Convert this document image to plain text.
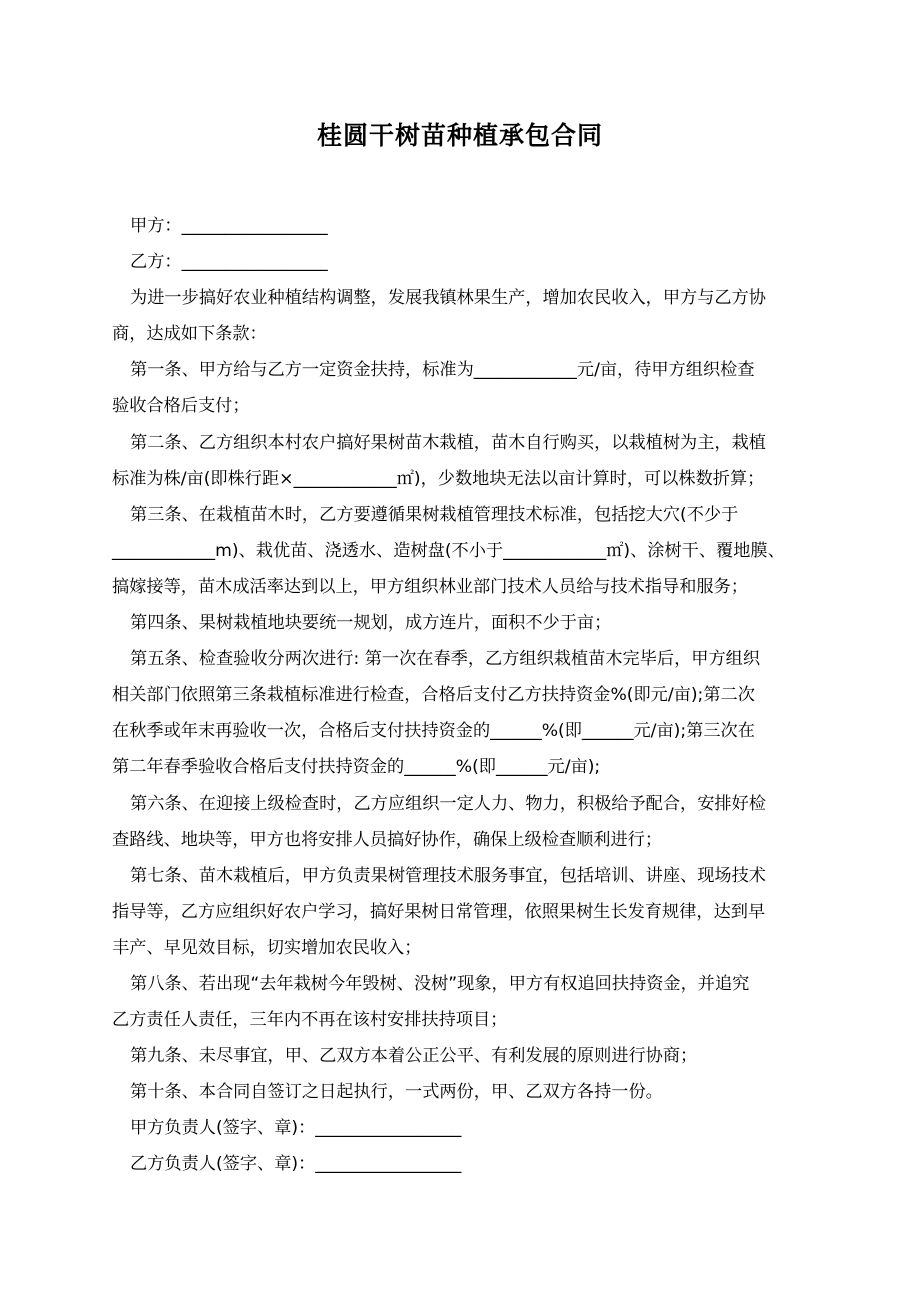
桂圆干树苗种植承包合同
甲方：_________________
乙方：_________________
为进一步搞好农业种植结构调整，发展我镇林果生产，增加农民收入，甲方与乙方协
商，达成如下条款：
第一条、甲方给与乙方一定资金扶持，标准为____________元/亩，待甲方组织检查
验收合格后支付；
第二条、乙方组织本村农户搞好果树苗木栽植，苗木自行购买，以栽植树为主，栽植
标准为株/亩(即株行距×____________㎡)，少数地块无法以亩计算时，可以株数折算；
第三条、在栽植苗木时，乙方要遵循果树栽植管理技术标准，包括挖大穴(不少于
____________m)、栽优苗、浇透水、造树盘(不小于____________㎡)、涂树干、覆地膜、
搞嫁接等，苗木成活率达到以上，甲方组织林业部门技术人员给与技术指导和服务；
第四条、果树栽植地块要统一规划，成方连片，面积不少于亩；
第五条、检查验收分两次进行: 第一次在春季，乙方组织栽植苗木完毕后，甲方组织
相关部门依照第三条栽植标准进行检查，合格后支付乙方扶持资金%(即元/亩);第二次
在秋季或年末再验收一次，合格后支付扶持资金的______%(即______元/亩);第三次在
第二年春季验收合格后支付扶持资金的______%(即______元/亩);
第六条、在迎接上级检查时，乙方应组织一定人力、物力，积极给予配合，安排好检
查路线、地块等，甲方也将安排人员搞好协作，确保上级检查顺利进行；
第七条、苗木栽植后，甲方负责果树管理技术服务事宜，包括培训、讲座、现场技术
指导等，乙方应组织好农户学习，搞好果树日常管理，依照果树生长发育规律，达到早
丰产、早见效目标，切实增加农民收入；
第八条、若出现“去年栽树今年毁树、没树”现象，甲方有权追回扶持资金，并追究
乙方责任人责任，三年内不再在该村安排扶持项目；
第九条、未尽事宜，甲、乙双方本着公正公平、有利发展的原则进行协商；
第十条、本合同自签订之日起执行，一式两份，甲、乙双方各持一份。
甲方负责人(签字、章)：_________________
乙方负责人(签字、章)：_________________
